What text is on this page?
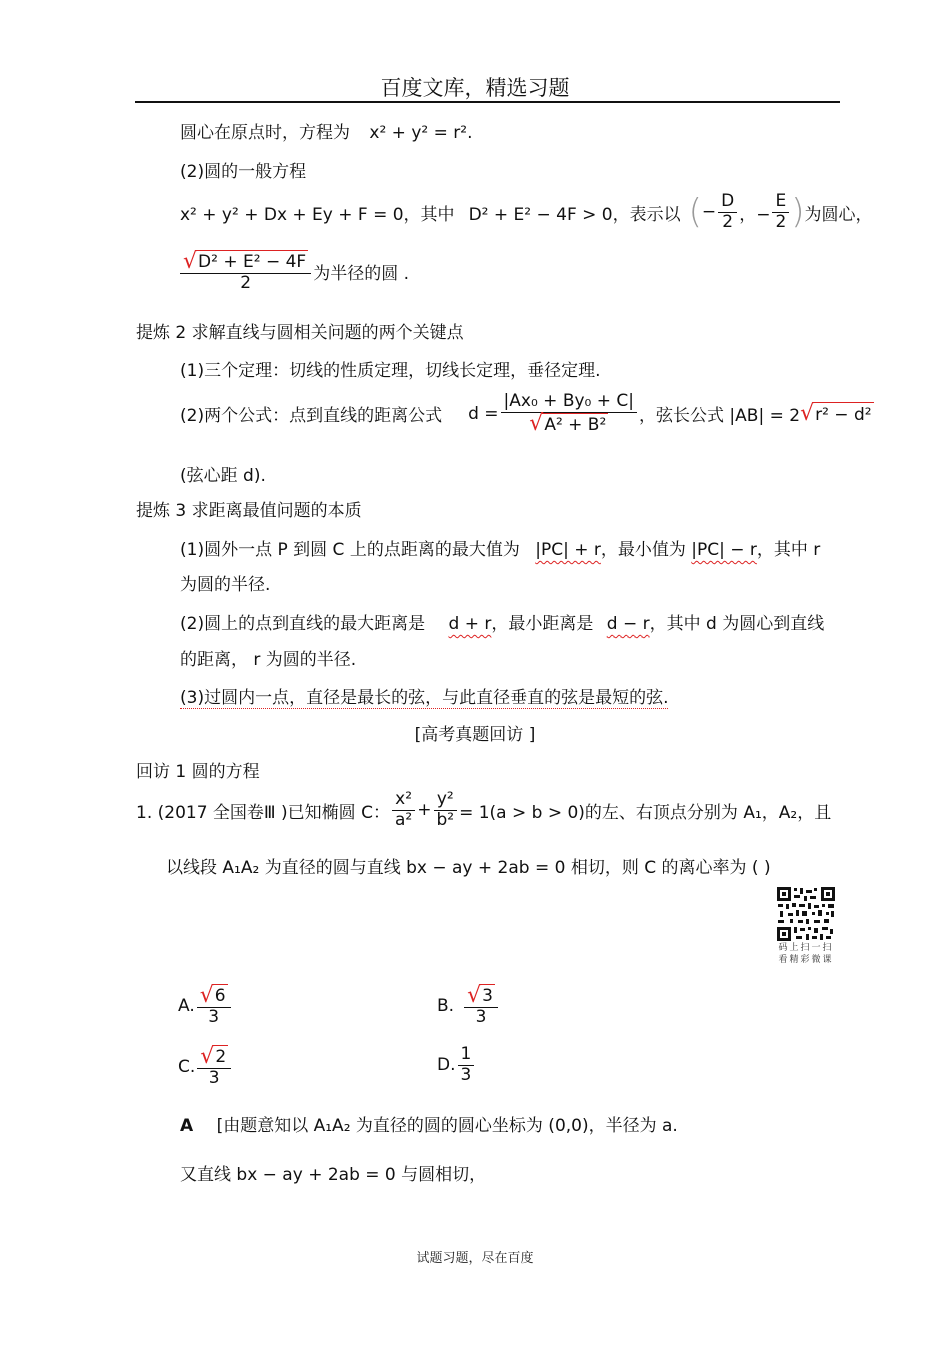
百度文库，精选习题
圆心在原点时，方程为 x² + y² = r².
(2)圆的一般方程
x² + y² + Dx + Ey + F = 0，其中 D² + E² − 4F > 0，表示以 ( − $\frac{D}{2}$ ，− $\frac{E}{2}$ ) 为圆心，
$\frac{\text{√ D² + E² − 4F}}{2}$ 为半径的圆 .
提炼 2 求解直线与圆相关问题的两个关键点
(1)三个定理：切线的性质定理，切线长定理，垂径定理.
(2)两个公式：点到直线的距离公式 $d = \frac{\text{|Ax₀ + By₀ + C|}}{\text{√ A² + B²}}$ ，弦长公式 |AB| = 2 √ r² − d²
(弦心距 d).
提炼 3 求距离最值问题的本质
(1)圆外一点 P 到圆 C 上的点距离的最大值为 |PC| + r，最小值为 |PC| − r，其中 r
为圆的半径.
(2)圆上的点到直线的最大距离是 d + r，最小距离是 d − r，其中 d 为圆心到直线
的距离， r 为圆的半径.
(3)过圆内一点，直径是最长的弦，与此直径垂直的弦是最短的弦.
[高考真题回访 ]
回访 1 圆的方程
1. (2017 全国卷Ⅲ )已知椭圆 C： $\frac{\text{x²}}{\text{a²}} + \frac{\text{y²}}{\text{b²}} = 1(a > b > 0)$的左、右顶点分别为 A₁，A₂，且
以线段 A₁A₂ 为直径的圆与直线 bx − ay + 2ab = 0 相切，则 C 的离心率为 ( )
码上扫一扫
看精彩微课
A. $\frac{√ 6}{3}$	B. $\frac{√ 3}{3}$
C. $\frac{√ 2}{3}$	D. $\frac{1}{3}$
A [由题意知以 A₁A₂ 为直径的圆的圆心坐标为 (0,0)，半径为 a.
又直线 bx − ay + 2ab = 0 与圆相切，
试题习题，尽在百度
